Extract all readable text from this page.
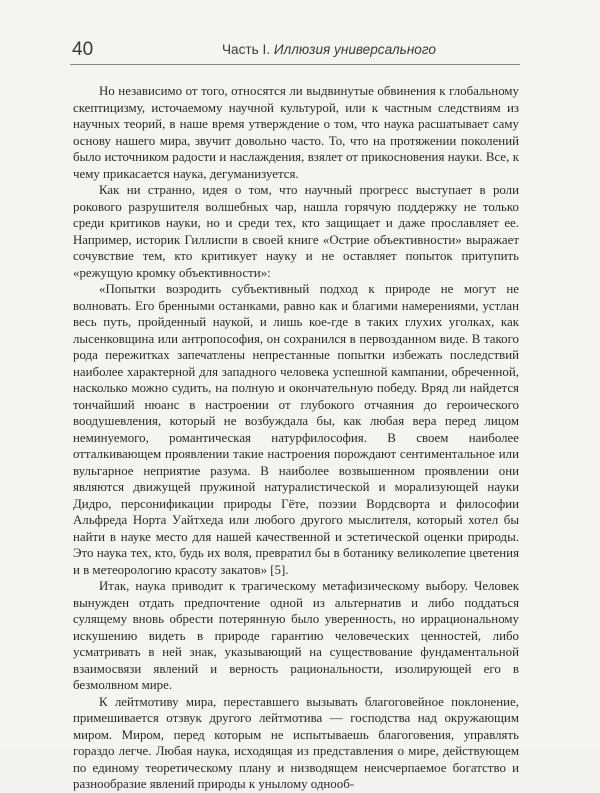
40	Часть I. Иллюзия универсального

Но независимо от того, относятся ли выдвинутые обвинения к глобальному скептицизму, источаемому научной культурой, или к частным следствиям из научных теорий, в наше время утверждение о том, что наука расшатывает саму основу нашего мира, звучит довольно часто. То, что на протяжении поколений было источником радости и наслаждения, взялет от прикосновения науки. Все, к чему прикасается наука, дегуманизуется.

Как ни странно, идея о том, что научный прогресс выступает в роли рокового разрушителя волшебных чар, нашла горячую поддержку не только среди критиков науки, но и среди тех, кто защищает и даже прославляет ее. Например, историк Гиллиспи в своей книге «Острие объективности» выражает сочувствие тем, кто критикует науку и не оставляет попыток притупить «режущую кромку объективности»:

«Попытки возродить субъективный подход к природе не могут не волновать. Его бренными останками, равно как и благими намерениями, устлан весь путь, пройденный наукой, и лишь кое-где в таких глухих уголках, как лысенковщина или антропософия, он сохранился в первозданном виде. В такого рода пережитках запечатлены непрестанные попытки избежать последствий наиболее характерной для западного человека успешной кампании, обреченной, насколько можно судить, на полную и окончательную победу. Вряд ли найдется тончайший нюанс в настроении от глубокого отчаяния до героического воодушевления, который не возбуждала бы, как любая вера перед лицом неминуемого, романтическая натурфилософия. В своем наиболее отталкивающем проявлении такие настроения порождают сентиментальное или вульгарное неприятие разума. В наиболее возвышенном проявлении они являются движущей пружиной натуралистической и морализующей науки Дидро, персонификации природы Гёте, поэзии Вордсворта и философии Альфреда Норта Уайтхеда или любого другого мыслителя, который хотел бы найти в науке место для нашей качественной и эстетической оценки природы. Это наука тех, кто, будь их воля, превратил бы в ботанику великолепие цветения и в метеорологию красоту закатов» [5].

Итак, наука приводит к трагическому метафизическому выбору. Человек вынужден отдать предпочтение одной из альтернатив и либо поддаться сулящему вновь обрести потерянную было уверенность, но иррациональному искушению видеть в природе гарантию человеческих ценностей, либо усматривать в ней знак, указывающий на существование фундаментальной взаимосвязи явлений и верность рациональности, изолирующей его в безмолвном мире.

К лейтмотиву мира, переставшего вызывать благоговейное поклонение, примешивается отзвук другого лейтмотива — господства над окружающим миром. Миром, перед которым не испытываешь благоговения, управлять гораздо легче. Любая наука, исходящая из представления о мире, действующем по единому теоретическому плану и низводящем неисчерпаемое богатство и разнообразие явлений природы к унылому однооб-
